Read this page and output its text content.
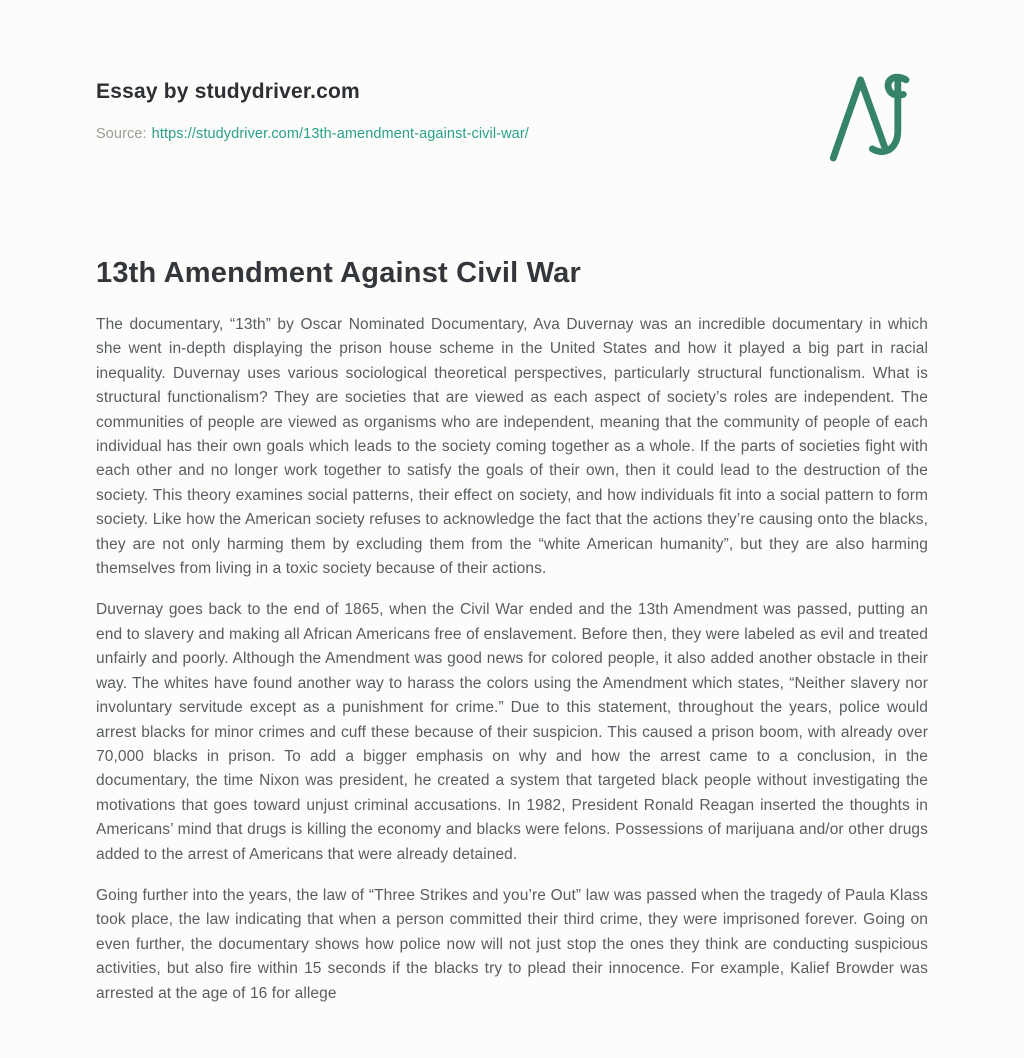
Essay by studydriver.com
Source: https://studydriver.com/13th-amendment-against-civil-war/
13th Amendment Against Civil War

The documentary, “13th” by Oscar Nominated Documentary, Ava Duvernay was an incredible documentary in which she went in-depth displaying the prison house scheme in the United States and how it played a big part in racial inequality. Duvernay uses various sociological theoretical perspectives, particularly structural functionalism. What is structural functionalism? They are societies that are viewed as each aspect of society’s roles are independent. The communities of people are viewed as organisms who are independent, meaning that the community of people of each individual has their own goals which leads to the society coming together as a whole. If the parts of societies fight with each other and no longer work together to satisfy the goals of their own, then it could lead to the destruction of the society. This theory examines social patterns, their effect on society, and how individuals fit into a social pattern to form society. Like how the American society refuses to acknowledge the fact that the actions they’re causing onto the blacks, they are not only harming them by excluding them from the “white American humanity”, but they are also harming themselves from living in a toxic society because of their actions.

Duvernay goes back to the end of 1865, when the Civil War ended and the 13th Amendment was passed, putting an end to slavery and making all African Americans free of enslavement. Before then, they were labeled as evil and treated unfairly and poorly. Although the Amendment was good news for colored people, it also added another obstacle in their way. The whites have found another way to harass the colors using the Amendment which states, “Neither slavery nor involuntary servitude except as a punishment for crime.” Due to this statement, throughout the years, police would arrest blacks for minor crimes and cuff these because of their suspicion. This caused a prison boom, with already over 70,000 blacks in prison. To add a bigger emphasis on why and how the arrest came to a conclusion, in the documentary, the time Nixon was president, he created a system that targeted black people without investigating the motivations that goes toward unjust criminal accusations. In 1982, President Ronald Reagan inserted the thoughts in Americans’ mind that drugs is killing the economy and blacks were felons. Possessions of marijuana and/or other drugs added to the arrest of Americans that were already detained.

Going further into the years, the law of “Three Strikes and you’re Out” law was passed when the tragedy of Paula Klass took place, the law indicating that when a person committed their third crime, they were imprisoned forever. Going on even further, the documentary shows how police now will not just stop the ones they think are conducting suspicious activities, but also fire within 15 seconds if the blacks try to plead their innocence. For example, Kalief Browder was arrested at the age of 16 for allege
